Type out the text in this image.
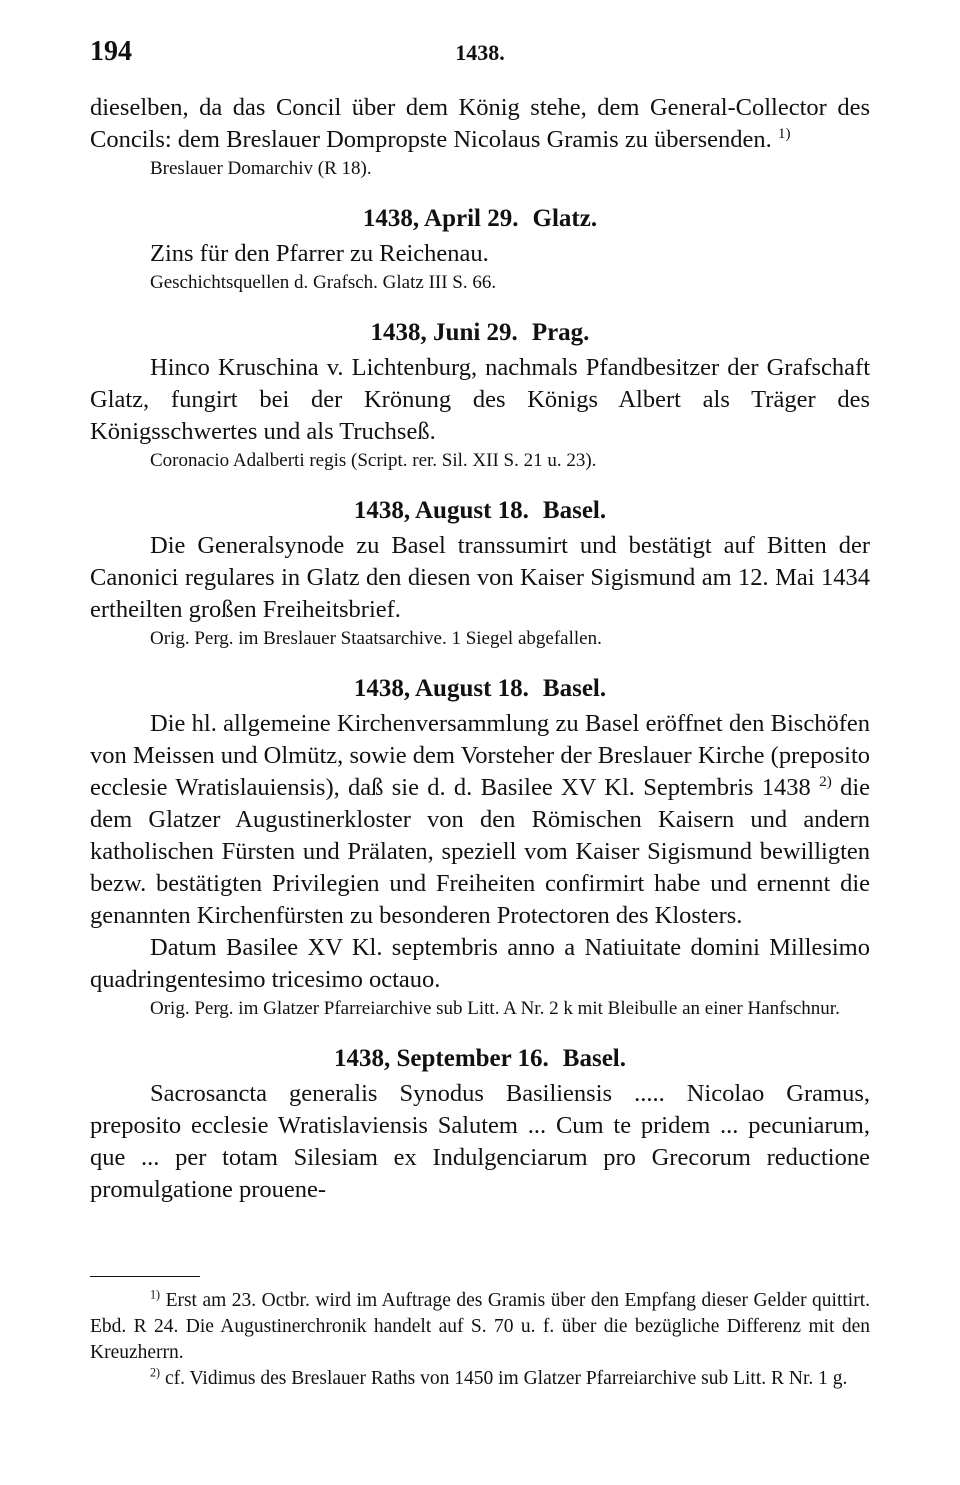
194	1438.

dieselben, da das Concil über dem König stehe, dem General-Collector des Concils: dem Breslauer Dompropste Nicolaus Gramis zu übersenden. $^{1)}$

Breslauer Domarchiv (R 18).

1438, April 29. Glatz.

Zins für den Pfarrer zu Reichenau.

Geschichtsquellen d. Grafsch. Glatz III S. 66.

1438, Juni 29. Prag.

Hinco Kruschina v. Lichtenburg, nachmals Pfandbesitzer der Grafschaft Glatz, fungirt bei der Krönung des Königs Albert als Träger des Königsschwertes und als Truchseß.

Coronacio Adalberti regis (Script. rer. Sil. XII S. 21 u. 23).

1438, August 18. Basel.

Die Generalsynode zu Basel transsumirt und bestätigt auf Bitten der Canonici regulares in Glatz den diesen von Kaiser Sigismund am 12. Mai 1434 ertheilten großen Freiheitsbrief.

Orig. Perg. im Breslauer Staatsarchive. 1 Siegel abgefallen.

1438, August 18. Basel.

Die hl. allgemeine Kirchenversammlung zu Basel eröffnet den Bischöfen von Meissen und Olmütz, sowie dem Vorsteher der Breslauer Kirche (preposito ecclesie Wratislauiensis), daß sie d. d. Basilee XV Kl. Septembris 1438 $^{2)}$ die dem Glatzer Augustinerkloster von den Römischen Kaisern und andern katholischen Fürsten und Prälaten, speziell vom Kaiser Sigismund bewilligten bezw. bestätigten Privilegien und Freiheiten confirmirt habe und ernennt die genannten Kirchenfürsten zu besonderen Protectoren des Klosters.

Datum Basilee XV Kl. septembris anno a Natiuitate domini Millesimo quadringentesimo tricesimo octauo.

Orig. Perg. im Glatzer Pfarreiarchive sub Litt. A Nr. 2 k mit Bleibulle an einer Hanfschnur.

1438, September 16. Basel.

Sacrosancta generalis Synodus Basiliensis ..... Nicolao Gramus, preposito ecclesie Wratislaviensis Salutem ... Cum te pridem ... pecuniarum, que ... per totam Silesiam ex Indulgenciarum pro Grecorum reductione promulgatione prouene-

$^{1)}$ Erst am 23. Octbr. wird im Auftrage des Gramis über den Empfang dieser Gelder quittirt. Ebd. R 24. Die Augustinerchronik handelt auf S. 70 u. f. über die bezügliche Differenz mit den Kreuzherrn.

$^{2)}$ cf. Vidimus des Breslauer Raths von 1450 im Glatzer Pfarreiarchive sub Litt. R Nr. 1 g.
